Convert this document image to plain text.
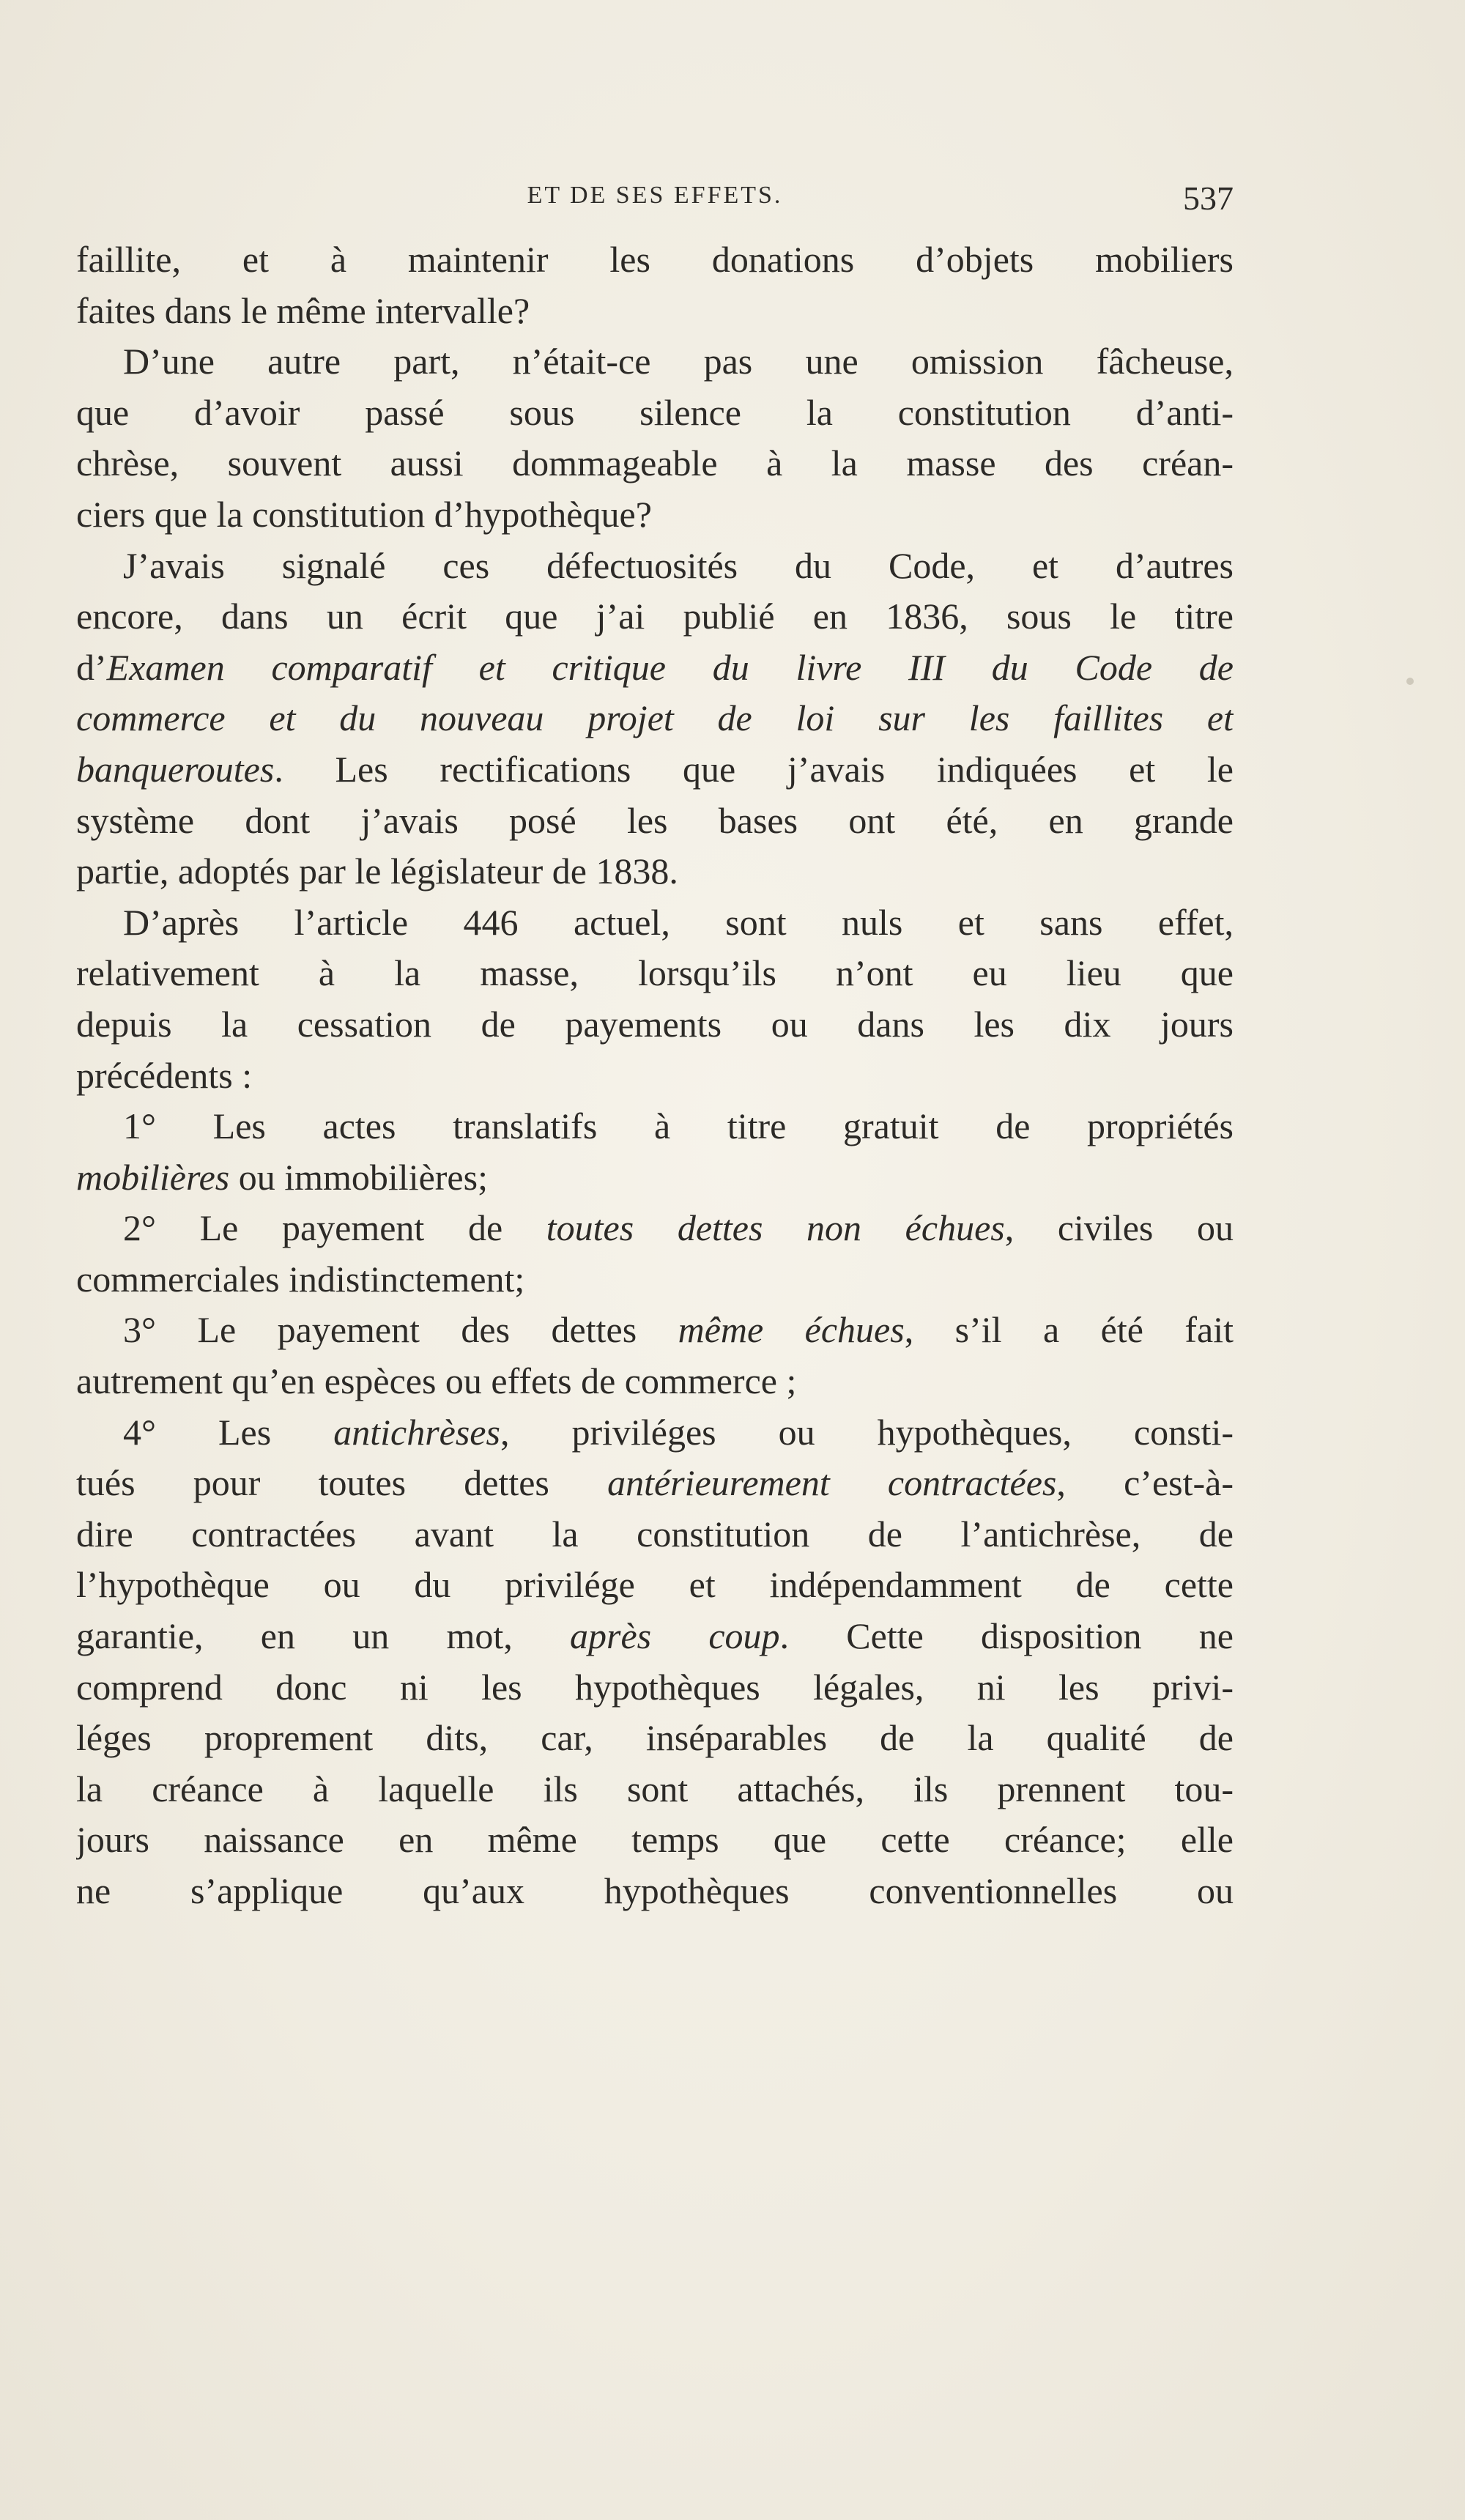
ET DE SES EFFETS.	537
faillite, et à maintenir les donations d’objets mobiliers
faites dans le même intervalle?
D’une autre part, n’était-ce pas une omission fâcheuse,
que d’avoir passé sous silence la constitution d’anti-
chrèse, souvent aussi dommageable à la masse des créan-
ciers que la constitution d’hypothèque?
J’avais signalé ces défectuosités du Code, et d’autres
encore, dans un écrit que j’ai publié en 1836, sous le titre
d’Examen comparatif et critique du livre III du Code de
commerce et du nouveau projet de loi sur les faillites et
banqueroutes. Les rectifications que j’avais indiquées et le
système dont j’avais posé les bases ont été, en grande
partie, adoptés par le législateur de 1838.
D’après l’article 446 actuel, sont nuls et sans effet,
relativement à la masse, lorsqu’ils n’ont eu lieu que
depuis la cessation de payements ou dans les dix jours
précédents :
1° Les actes translatifs à titre gratuit de propriétés
mobilières ou immobilières;
2° Le payement de toutes dettes non échues, civiles ou
commerciales indistinctement;
3° Le payement des dettes même échues, s’il a été fait
autrement qu’en espèces ou effets de commerce ;
4° Les antichrèses, priviléges ou hypothèques, consti-
tués pour toutes dettes antérieurement contractées, c’est-à-
dire contractées avant la constitution de l’antichrèse, de
l’hypothèque ou du privilége et indépendamment de cette
garantie, en un mot, après coup. Cette disposition ne
comprend donc ni les hypothèques légales, ni les privi-
léges proprement dits, car, inséparables de la qualité de
la créance à laquelle ils sont attachés, ils prennent tou-
jours naissance en même temps que cette créance; elle
ne s’applique qu’aux hypothèques conventionnelles ou
